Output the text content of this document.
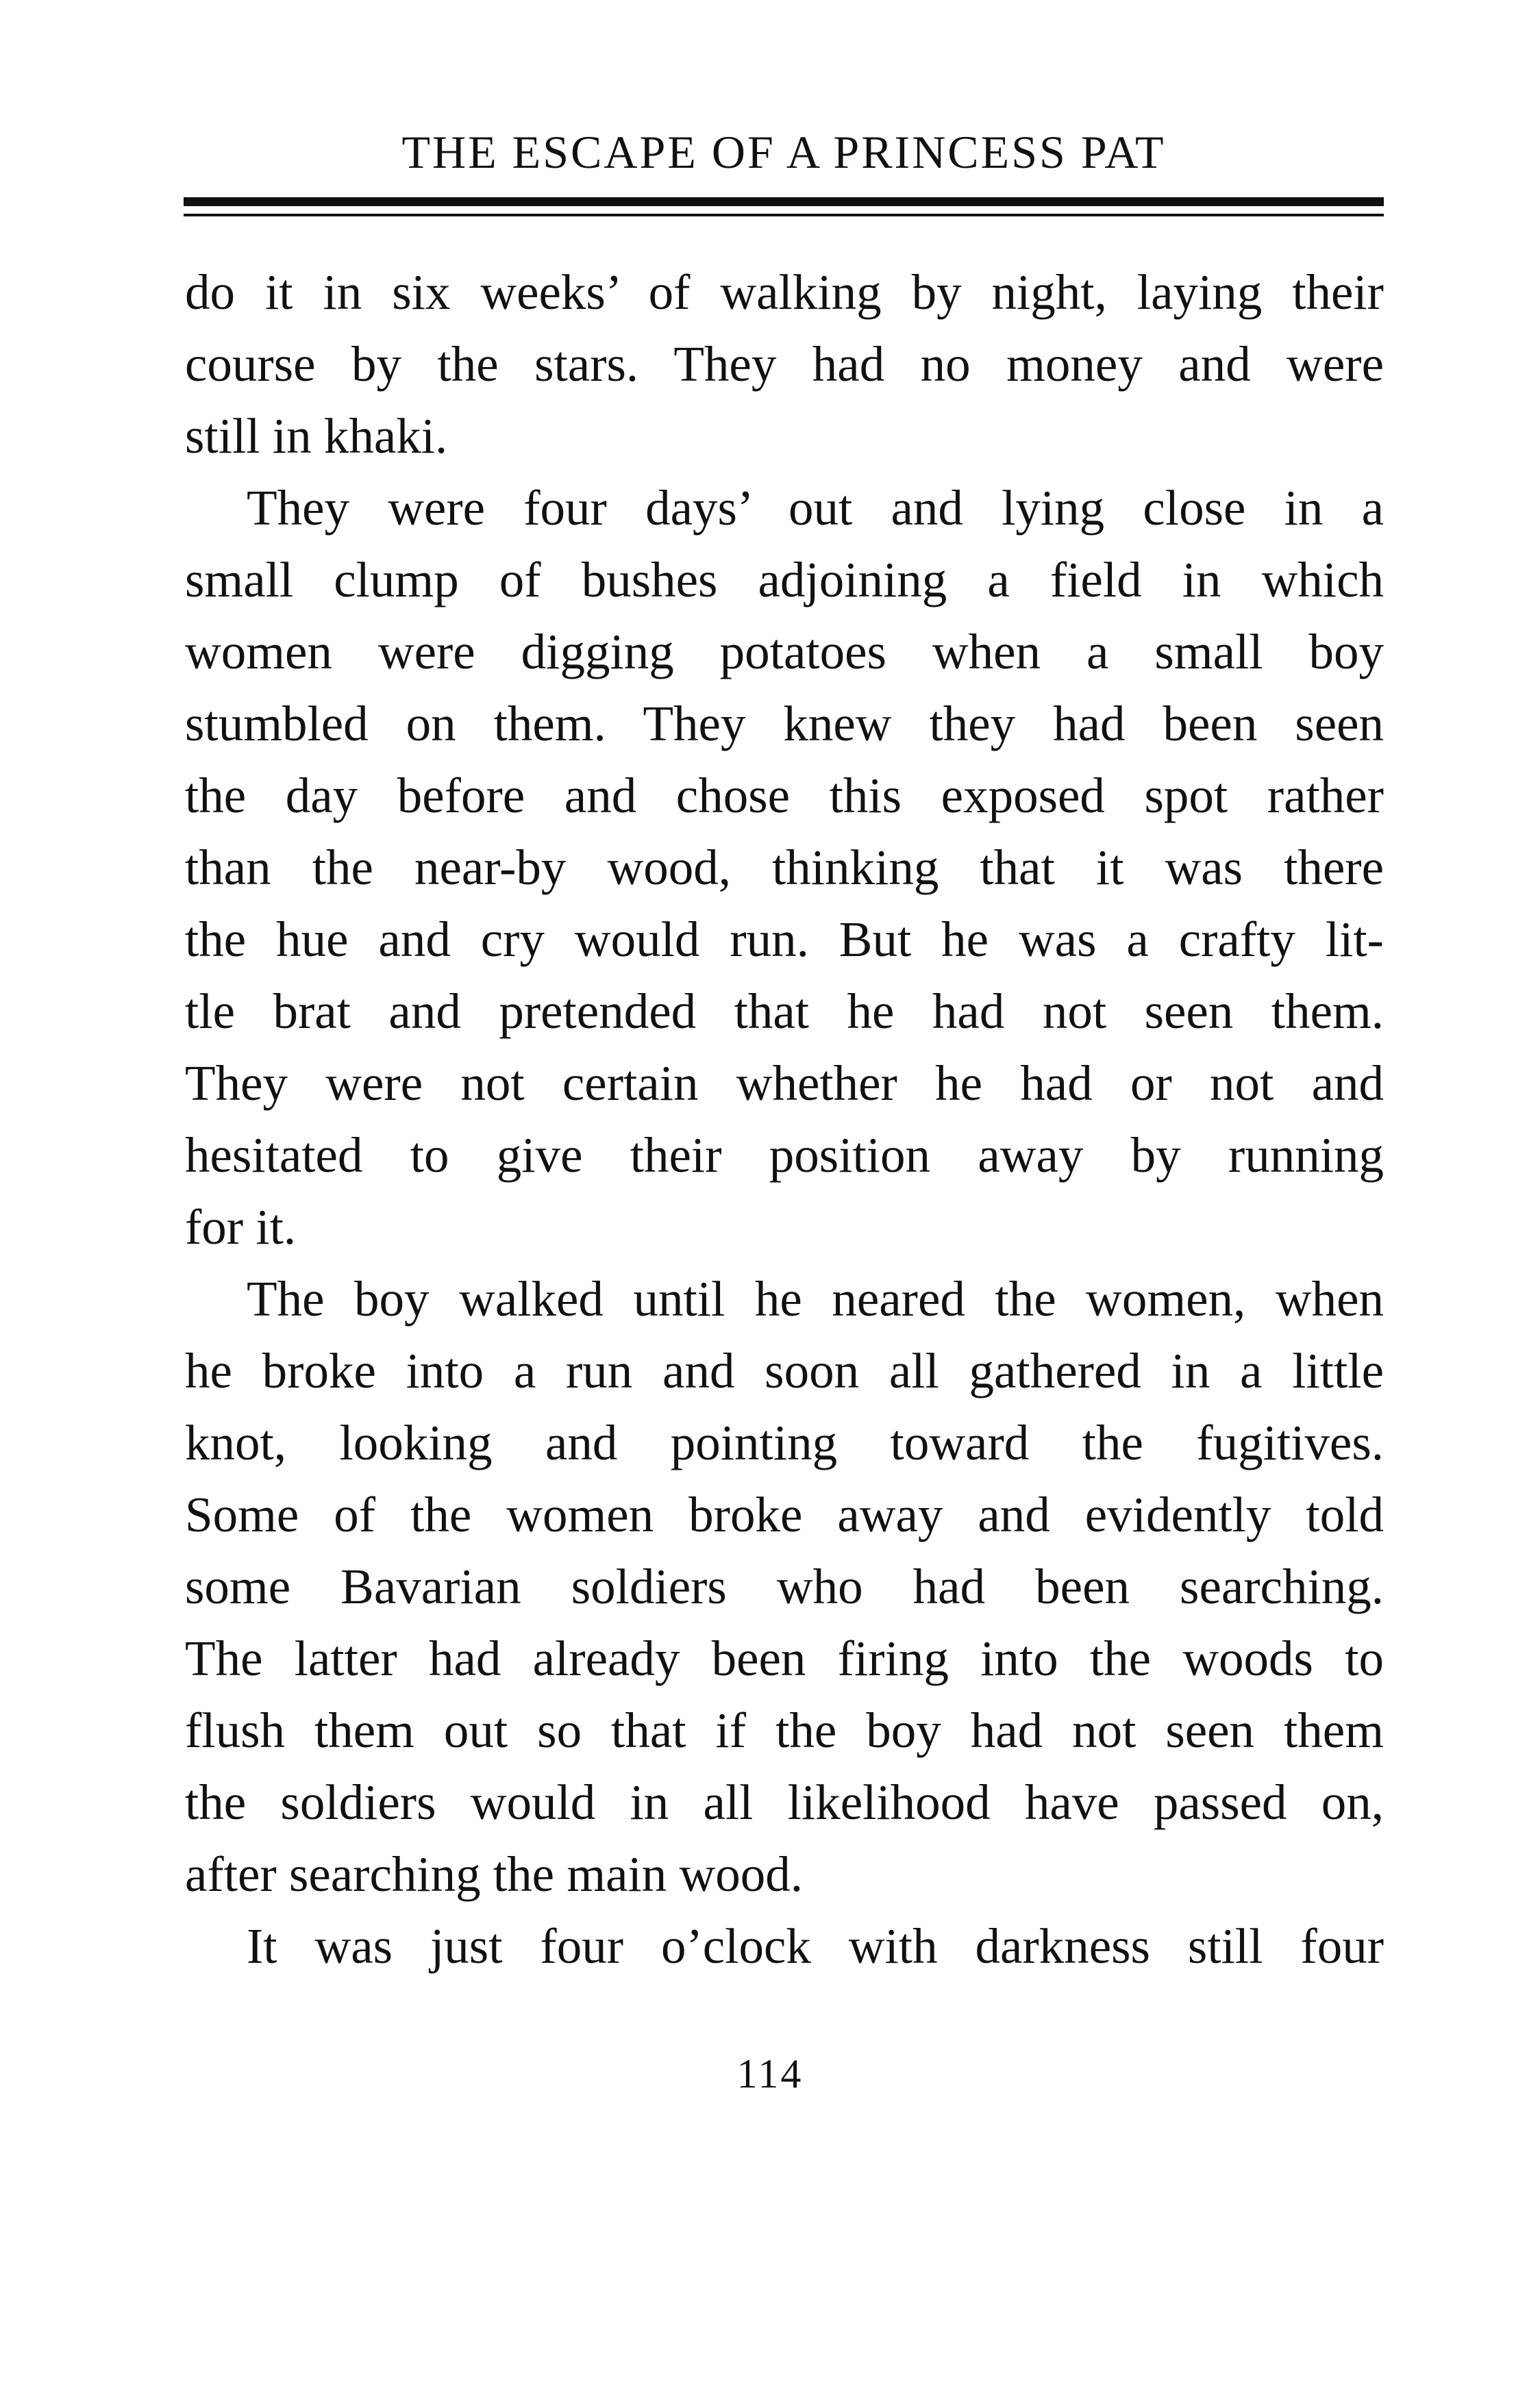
THE ESCAPE OF A PRINCESS PAT
do it in six weeks’ of walking by night, laying their
course by the stars. They had no money and were
still in khaki.
They were four days’ out and lying close in a
small clump of bushes adjoining a field in which
women were digging potatoes when a small boy
stumbled on them. They knew they had been seen
the day before and chose this exposed spot rather
than the near-by wood, thinking that it was there
the hue and cry would run. But he was a crafty lit-
tle brat and pretended that he had not seen them.
They were not certain whether he had or not and
hesitated to give their position away by running
for it.
The boy walked until he neared the women, when
he broke into a run and soon all gathered in a little
knot, looking and pointing toward the fugitives.
Some of the women broke away and evidently told
some Bavarian soldiers who had been searching.
The latter had already been firing into the woods to
flush them out so that if the boy had not seen them
the soldiers would in all likelihood have passed on,
after searching the main wood.
It was just four o’clock with darkness still four
114
